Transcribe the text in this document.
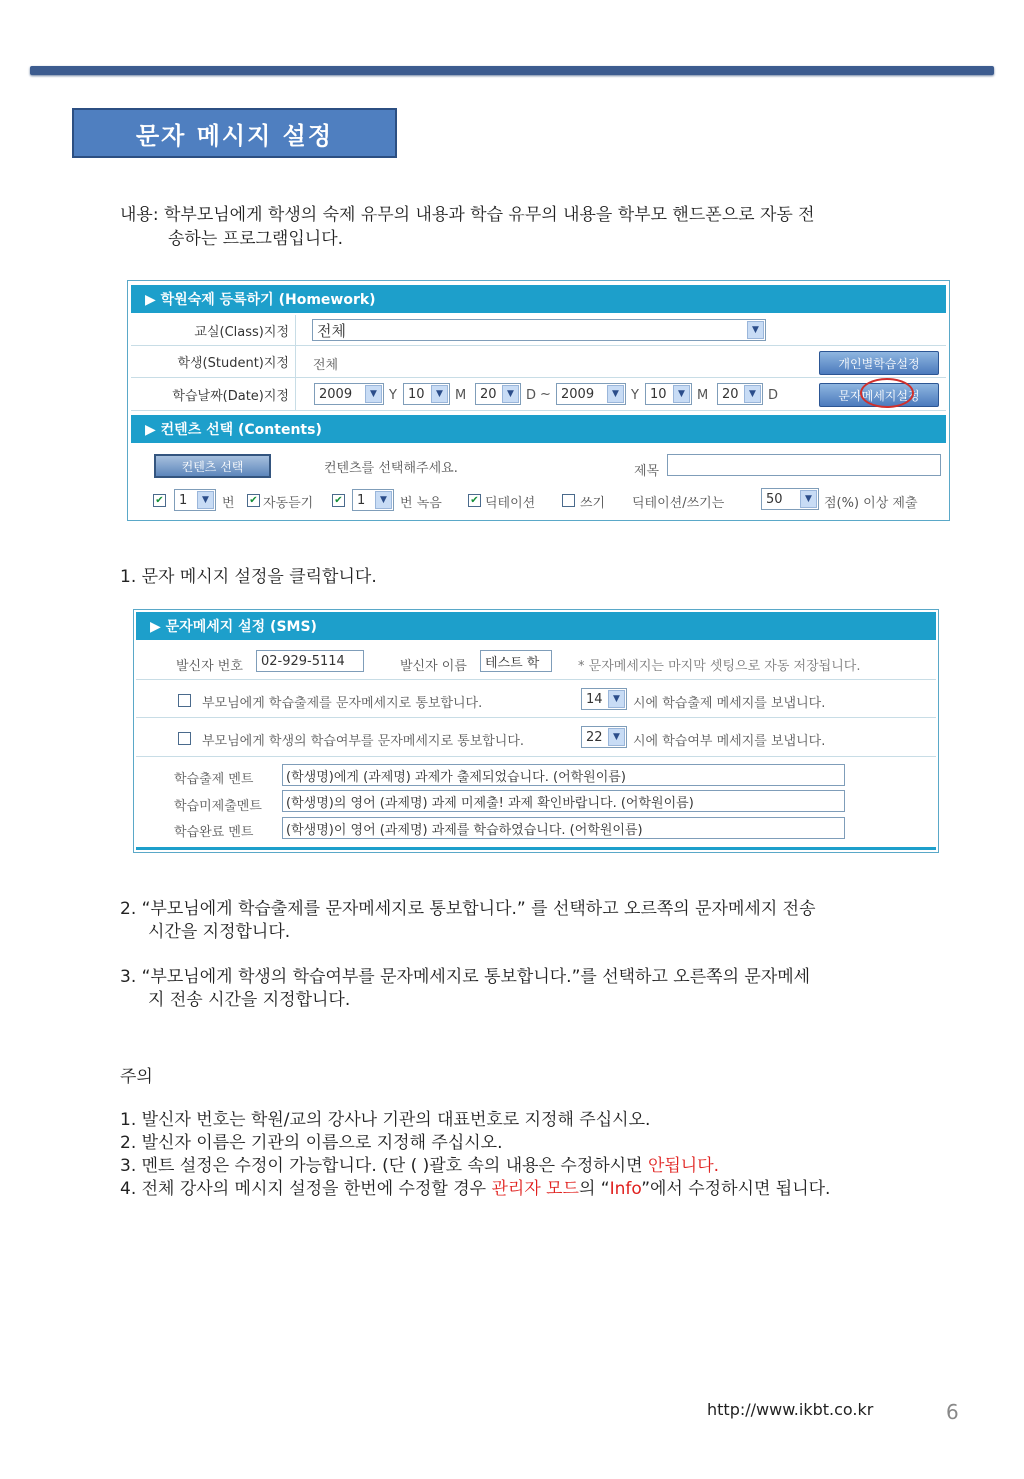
문자 메시지 설정
내용: 학부모님에게 학생의 숙제 유무의 내용과 학습 유무의 내용을 학부모 핸드폰으로 자동 전
송하는 프로그램입니다.
▶ 학원숙제 등록하기 (Homework)
교실(Class)지정	전체	▼
학생(Student)지정	전체	개인별학습설정
학습날짜(Date)지정	2009	▼ Y 10	▼ M 20	▼ D ~ 2009	▼ Y 10	▼ M 20	▼ D	문자메세지설정
▶ 컨텐츠 선택 (Contents)
컨텐츠 선택	컨텐츠를 선택해주세요.	제목
✔ 1	▼	번 ✔ 자동듣기 ✔ 1	▼	번 녹음	✔ 딕테이션	쓰기 딕테이션/쓰기는	50	▼ 점(%) 이상 제출
1. 문자 메시지 설정을 클릭합니다.
▶ 문자메세지 설정 (SMS)
발신자 번호	02-929-5114	발신자 이름	테스트 학	* 문자메세지는 마지막 셋팅으로 자동 저장됩니다.
부모님에게 학습출제를 문자메세지로 통보합니다.	14	▼	시에 학습출제 메세지를 보냅니다.
부모님에게 학생의 학습여부를 문자메세지로 통보합니다.	22	▼	시에 학습여부 메세지를 보냅니다.
학습출제 멘트	(학생명)에게 (과제명) 과제가 출제되었습니다. (어학원이름)
학습미제출멘트	(학생명)의 영어 (과제명) 과제 미제출! 과제 확인바랍니다. (어학원이름)
학습완료 멘트	(학생명)이 영어 (과제명) 과제를 학습하였습니다. (어학원이름)
2. “부모님에게 학습출제를 문자메세지로 통보합니다.” 를 선택하고 오르쪽의 문자메세지 전송
시간을 지정합니다.
3. “부모님에게 학생의 학습여부를 문자메세지로 통보합니다.”를 선택하고 오른쪽의 문자메세
지 전송 시간을 지정합니다.
주의
1. 발신자 번호는 학원/교의 강사나 기관의 대표번호로 지정해 주십시오.
2. 발신자 이름은 기관의 이름으로 지정해 주십시오.
3. 멘트 설정은 수정이 가능합니다. (단 ( )괄호 속의 내용은 수정하시면 안됩니다.
4. 전체 강사의 메시지 설정을 한번에 수정할 경우 관리자 모드의 “Info”에서 수정하시면 됩니다.
http://www.ikbt.co.kr	6
